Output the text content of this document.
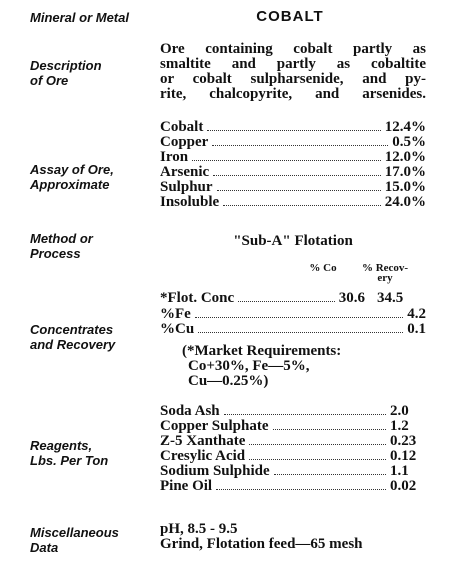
Mineral or Metal	COBALT
Description
of Ore
Ore containing cobalt partly as
smaltite and partly as cobaltite
or cobalt sulpharsenide, and py-
rite, chalcopyrite, and arsenides.
Assay of Ore,
Approximate
Cobalt	12.4%
Copper	0.5%
Iron	12.0%
Arsenic	17.0%
Sulphur	15.0%
Insoluble	24.0%
Method or
Process
"Sub-A" Flotation
% Co	% Recov-
ery
Concentrates
and Recovery
*Flot. Conc	30.6 34.5
%Fe	4.2
%Cu	0.1
(*Market Requirements:
Co+30%, Fe—5%,
Cu—0.25%)
Reagents,
Lbs. Per Ton
Soda Ash	2.0
Copper Sulphate	1.2
Z-5 Xanthate	0.23
Cresylic Acid	0.12
Sodium Sulphide	1.1
Pine Oil	0.02
Miscellaneous
Data
pH, 8.5 - 9.5
Grind, Flotation feed—65 mesh
